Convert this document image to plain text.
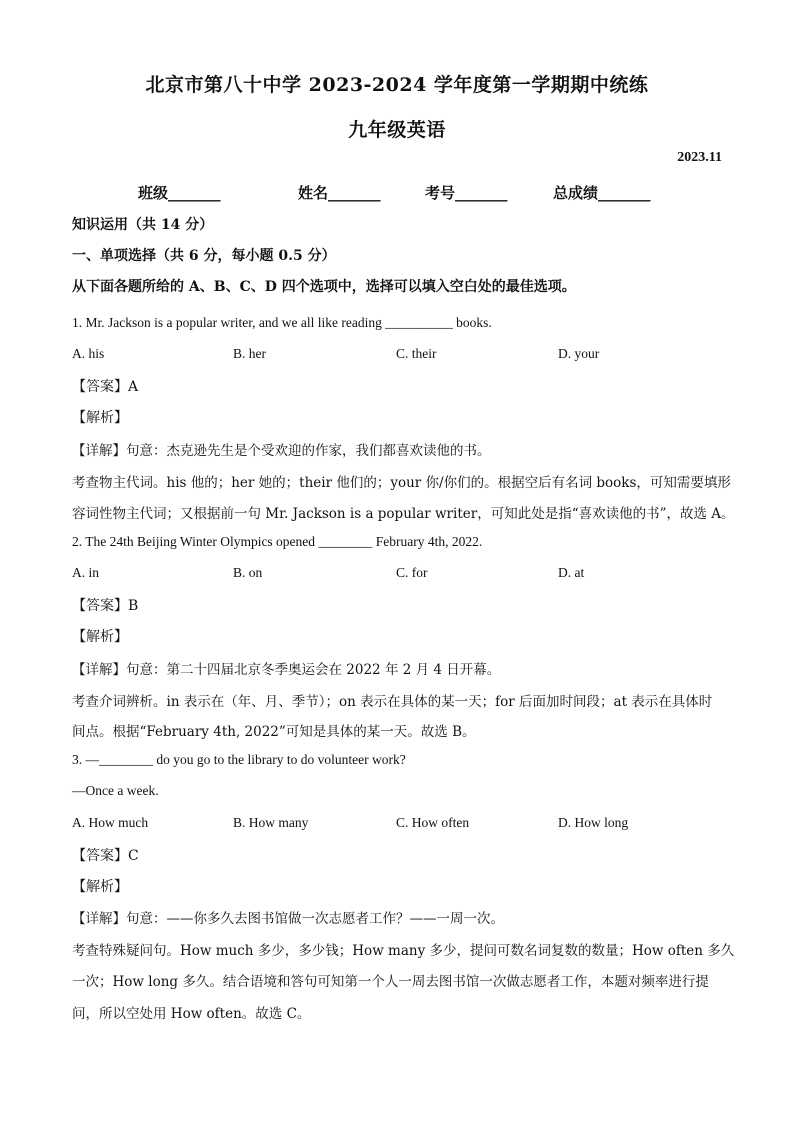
北京市第八十中学 2023-2024 学年度第一学期期中统练
九年级英语
2023.11
班级_______	姓名_______	考号_______	总成绩_______
知识运用（共 14 分）
一、单项选择（共 6 分，每小题 0.5 分）
从下面各题所给的 A、B、C、D 四个选项中，选择可以填入空白处的最佳选项。
1. Mr. Jackson is a popular writer, and we all like reading __________ books.
A. his	B. her	C. their	D. your
【答案】A
【解析】
【详解】句意：杰克逊先生是个受欢迎的作家，我们都喜欢读他的书。
考查物主代词。his 他的；her 她的；their 他们的；your 你/你们的。根据空后有名词 books，可知需要填形
容词性物主代词；又根据前一句 Mr. Jackson is a popular writer，可知此处是指“喜欢读他的书”，故选 A。
2. The 24th Beijing Winter Olympics opened ________ February 4th, 2022.
A. in	B. on	C. for	D. at
【答案】B
【解析】
【详解】句意：第二十四届北京冬季奥运会在 2022 年 2 月 4 日开幕。
考查介词辨析。in 表示在（年、月、季节）；on 表示在具体的某一天；for 后面加时间段；at 表示在具体时
间点。根据“February 4th, 2022”可知是具体的某一天。故选 B。
3. —________ do you go to the library to do volunteer work?
—Once a week.
A. How much	B. How many	C. How often	D. How long
【答案】C
【解析】
【详解】句意：——你多久去图书馆做一次志愿者工作？——一周一次。
考查特殊疑问句。How much 多少，多少钱；How many 多少，提问可数名词复数的数量；How often 多久
一次；How long 多久。结合语境和答句可知第一个人一周去图书馆一次做志愿者工作，本题对频率进行提
问，所以空处用 How often。故选 C。
